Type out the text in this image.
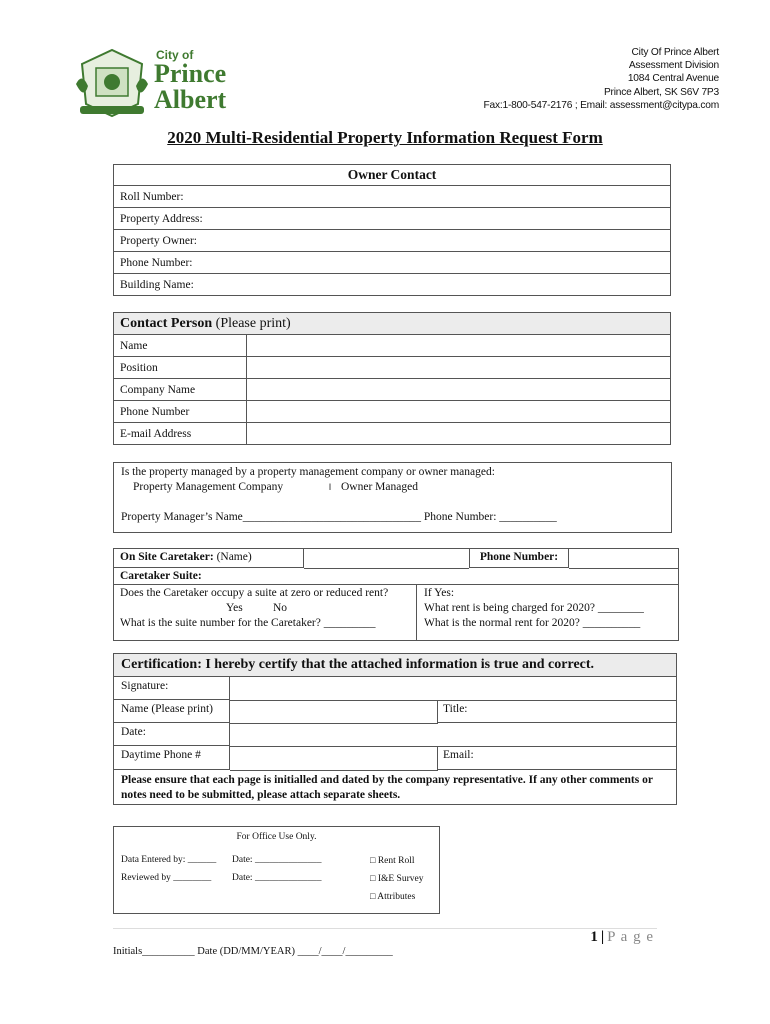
City of
Prince
Albert
City Of Prince Albert
Assessment Division
1084 Central Avenue
Prince Albert, SK S6V 7P3
Fax:1-800-547-2176 ; Email: assessment@citypa.com
2020 Multi-Residential Property Information Request Form
Owner Contact
Roll Number:
Property Address:
Property Owner:
Phone Number:
Building Name:
Contact Person (Please print)	
Name	
Position	
Company Name	
Phone Number	
E-mail Address	
Is the property managed by a property management company or owner managed:
Property Management Company	l Owner Managed
Property Manager’s Name_______________________________ Phone Number: __________
On Site Caretaker: (Name)	Phone Number:
Caretaker Suite:
Does the Caretaker occupy a suite at zero or reduced rent?
Yes	No
What is the suite number for the Caretaker? _________
If Yes:
What rent is being charged for 2020? ________
What is the normal rent for 2020? __________
Certification: I hereby certify that the attached information is true and correct.
Signature:
Name (Please print)	Title:
Date:
Daytime Phone #	Email:
Please ensure that each page is initialled and dated by the company representative. If any other comments or notes need to be submitted, please attach separate sheets.
For Office Use Only.
Data Entered by: ______ Date: ______________
Reviewed by ________ Date: ______________
□ Rent Roll
□ I&E Survey
□ Attributes
1 | P a g e
Initials__________ Date (DD/MM/YEAR) ____/____/_________
